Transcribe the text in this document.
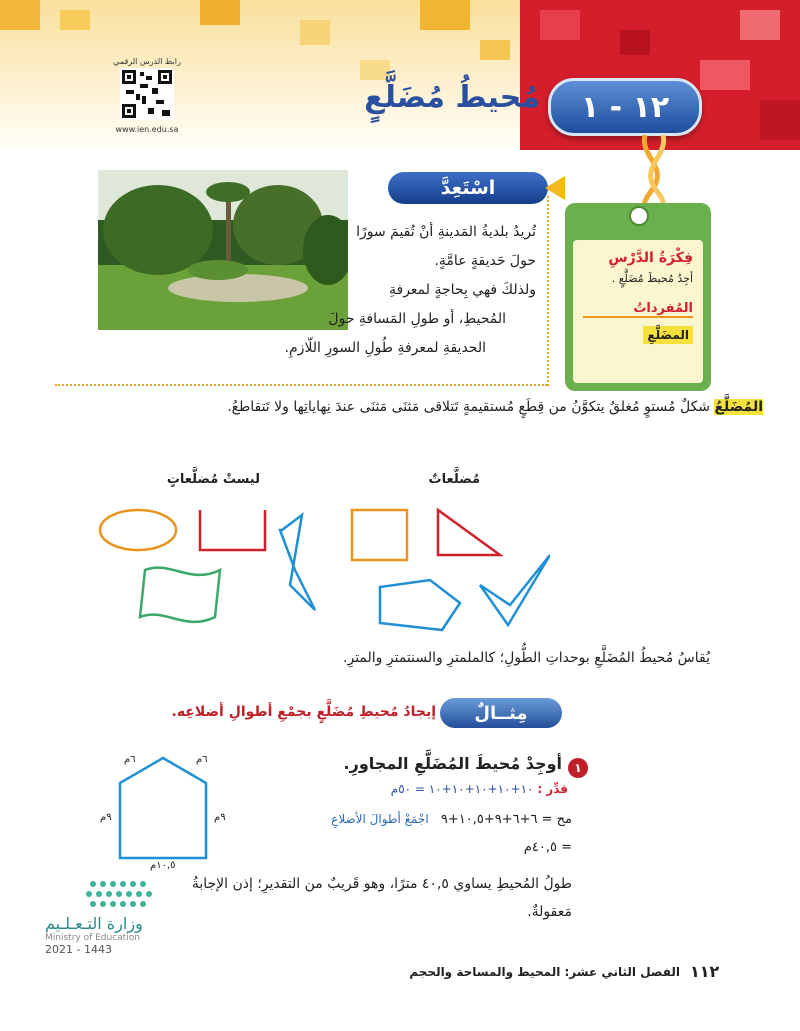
رابط الدرس الرقمي
www.ien.edu.sa
مُحيطُ مُضَلَّعٍ	١٢ - ١
فِكْرَةُ الدَّرْسِ
أجِدُ مُحيطَ مُضَلَّعٍ .
المُفرداتُ
المضَلَّعِ
اسْتَعِدَّ
تُريدُ بلديةُ المَدينةِ أنْ تُقيمَ سورًا
حولَ حَديقةٍ عامَّةٍ.
ولذلكَ فهي بِحاجةٍ لمعرفةِ
المُحيطِ، أو طولِ المَسافةِ حولَ
الحديقةِ لمعرفةِ طُولِ السورِ اللّازمِ.
المُضَلَّعُ شكلٌ مُستوٍ مُغلقٌ يتكوَّنُ من قِطَعٍ مُستقيمةٍ تَتلاقى مَثنَى مَثنَى عندَ نِهاياتِها ولا تَتقاطعُ.
مُضلَّعاتٌ
ليستْ مُضلَّعاتٍ
يُقاسُ مُحيطُ المُضَلَّعِ بوحداتِ الطُّولِ؛ كالملمترِ والسنتمترِ والمترِ.
مِثــالٌ
إيجادُ مُحيطِ مُضَلَّعٍ بجمْعِ أطوالِ أضلاعِه.
١
أوجِدْ مُحيطَ المُضَلَّعِ المجاورِ.
قدِّر : ١٠+١٠+١٠+١٠+١٠ = ٥٠م
مح = ٦+٦+٩+١٠,٥+٩ اجْمَعْ أطوالَ الأضلاعِ
= ٤٠,٥م
طولُ المُحيطِ يساوي ٤٠,٥ مترًا، وهو قَريبٌ من التقديرِ؛ إذن الإجابةُ مَعقولةٌ.
٦م	٦م
٩م	٩م
١٠,٥م
وزارة التـعـلـيم
Ministry of Education
2021 - 1443
الفصل الثاني عشر: المحيط والمساحة والحجم ١١٢
